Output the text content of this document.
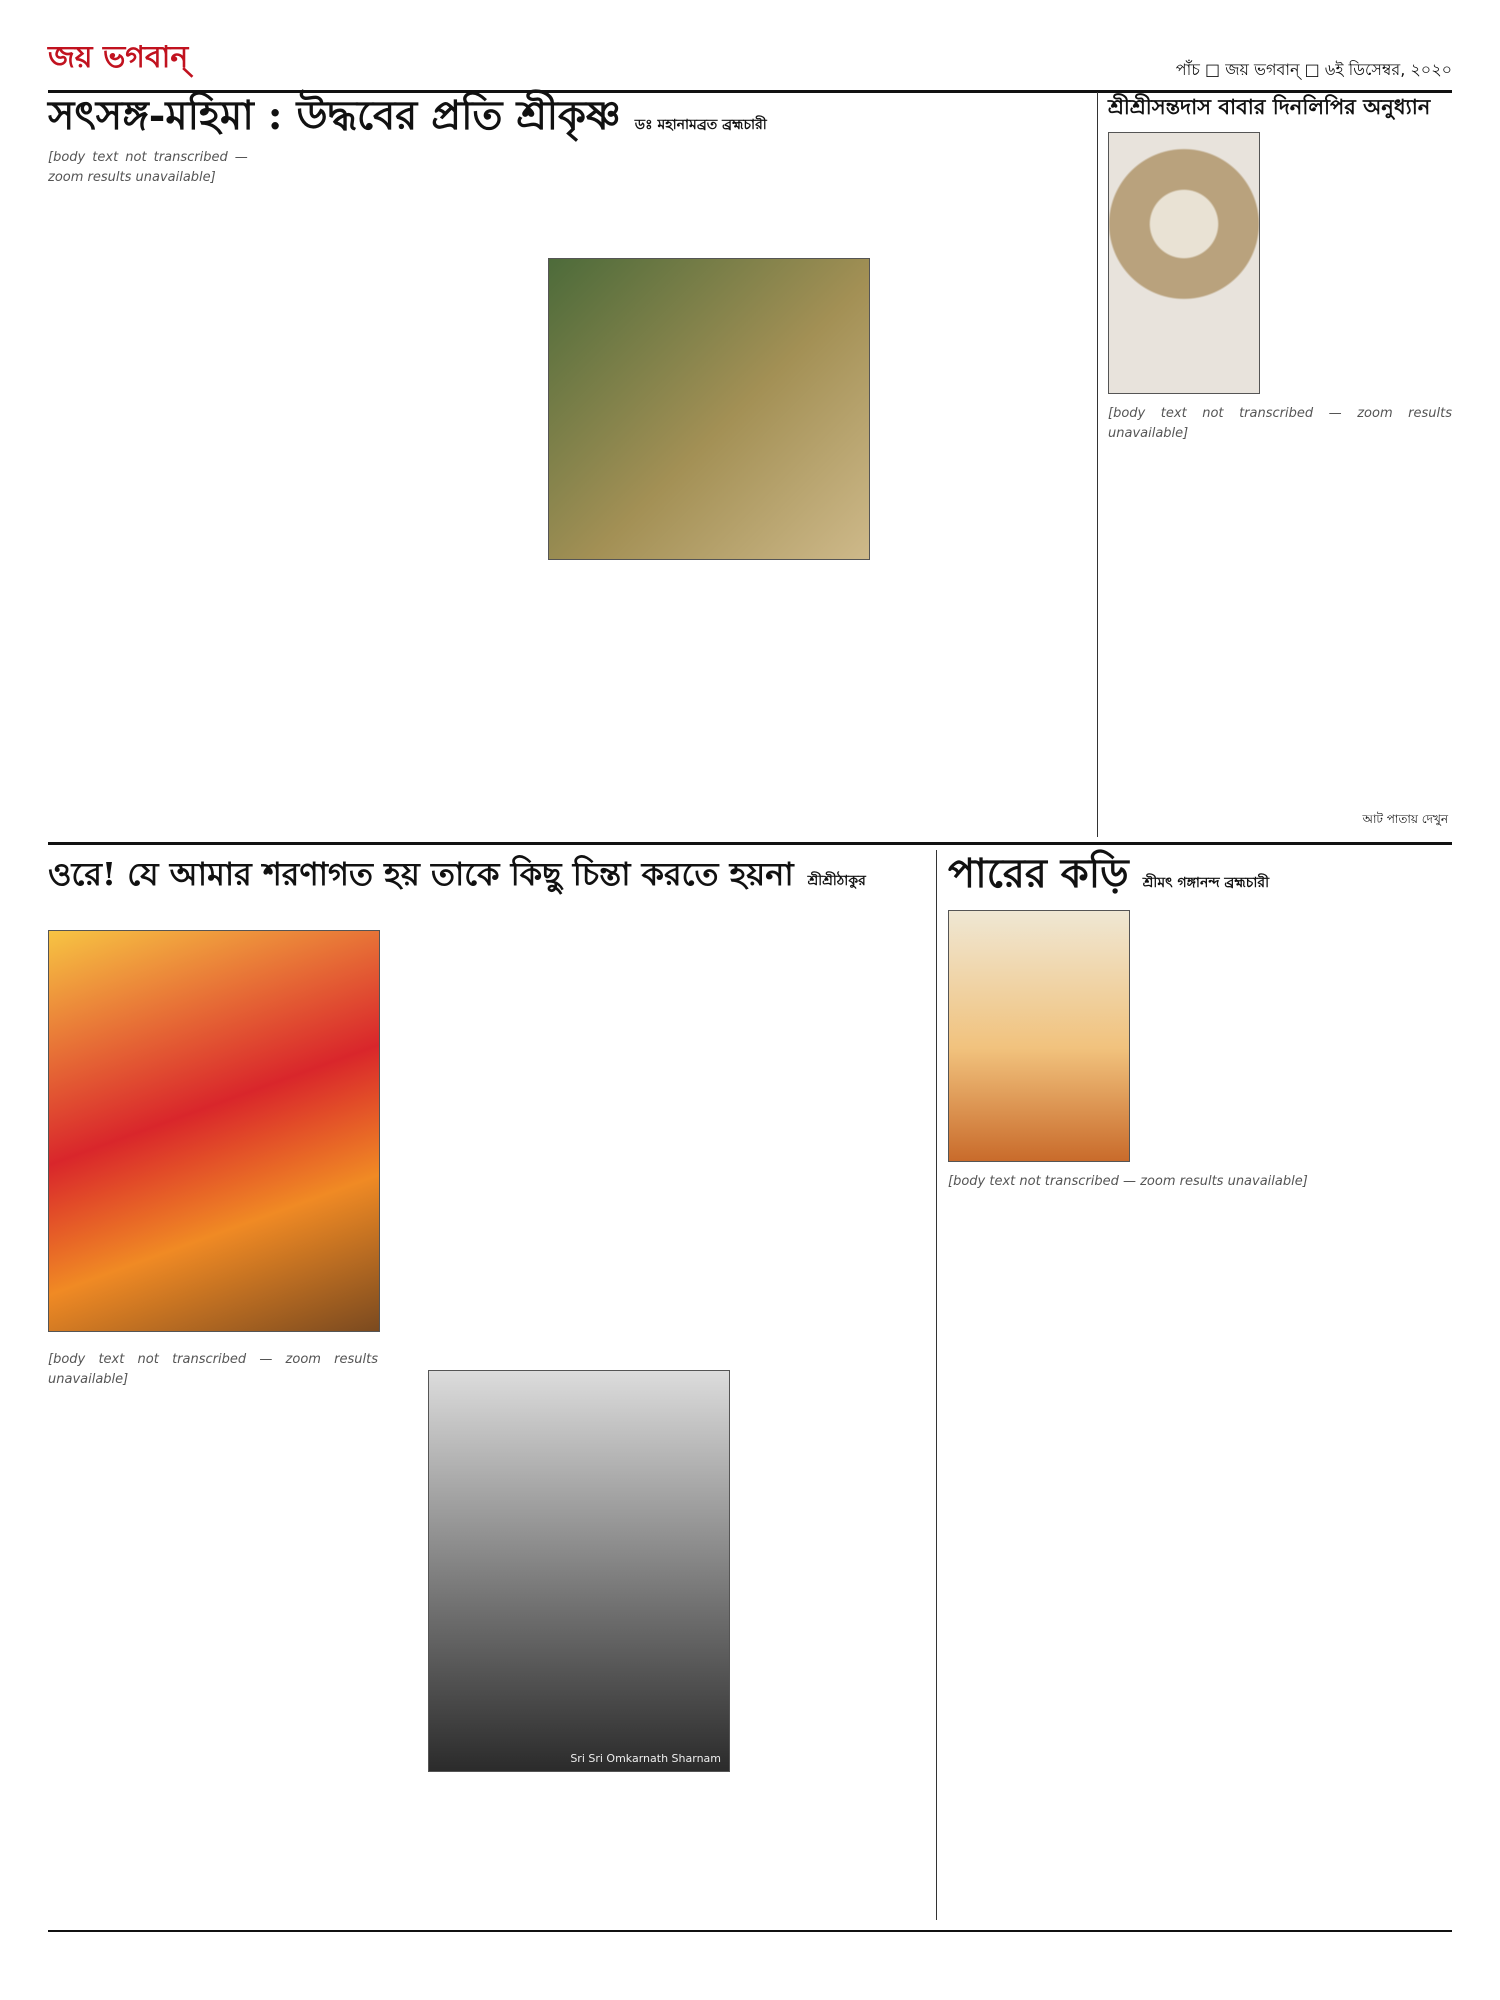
জয় ভগবান্	পাঁচ □ জয় ভগবান্ □ ৬ই ডিসেম্বর, ২০২০
সৎসঙ্গ-মহিমা : উদ্ধবের প্রতি শ্রীকৃষ্ণ ডঃ মহানামব্রত ব্রহ্মচারী
[body text not transcribed — zoom results unavailable]
শ্রীশ্রীসন্তদাস বাবার দিনলিপির অনুধ্যান
[body text not transcribed — zoom results unavailable]
আট পাতায় দেখুন
ওরে! যে আমার শরণাগত হয় তাকে কিছু চিন্তা করতে হয়না শ্রীশ্রীঠাকুর
Sri Sri Omkarnath Sharnam
[body text not transcribed — zoom results unavailable]
পারের কড়ি শ্রীমৎ গঙ্গানন্দ ব্রহ্মচারী
[body text not transcribed — zoom results unavailable]
